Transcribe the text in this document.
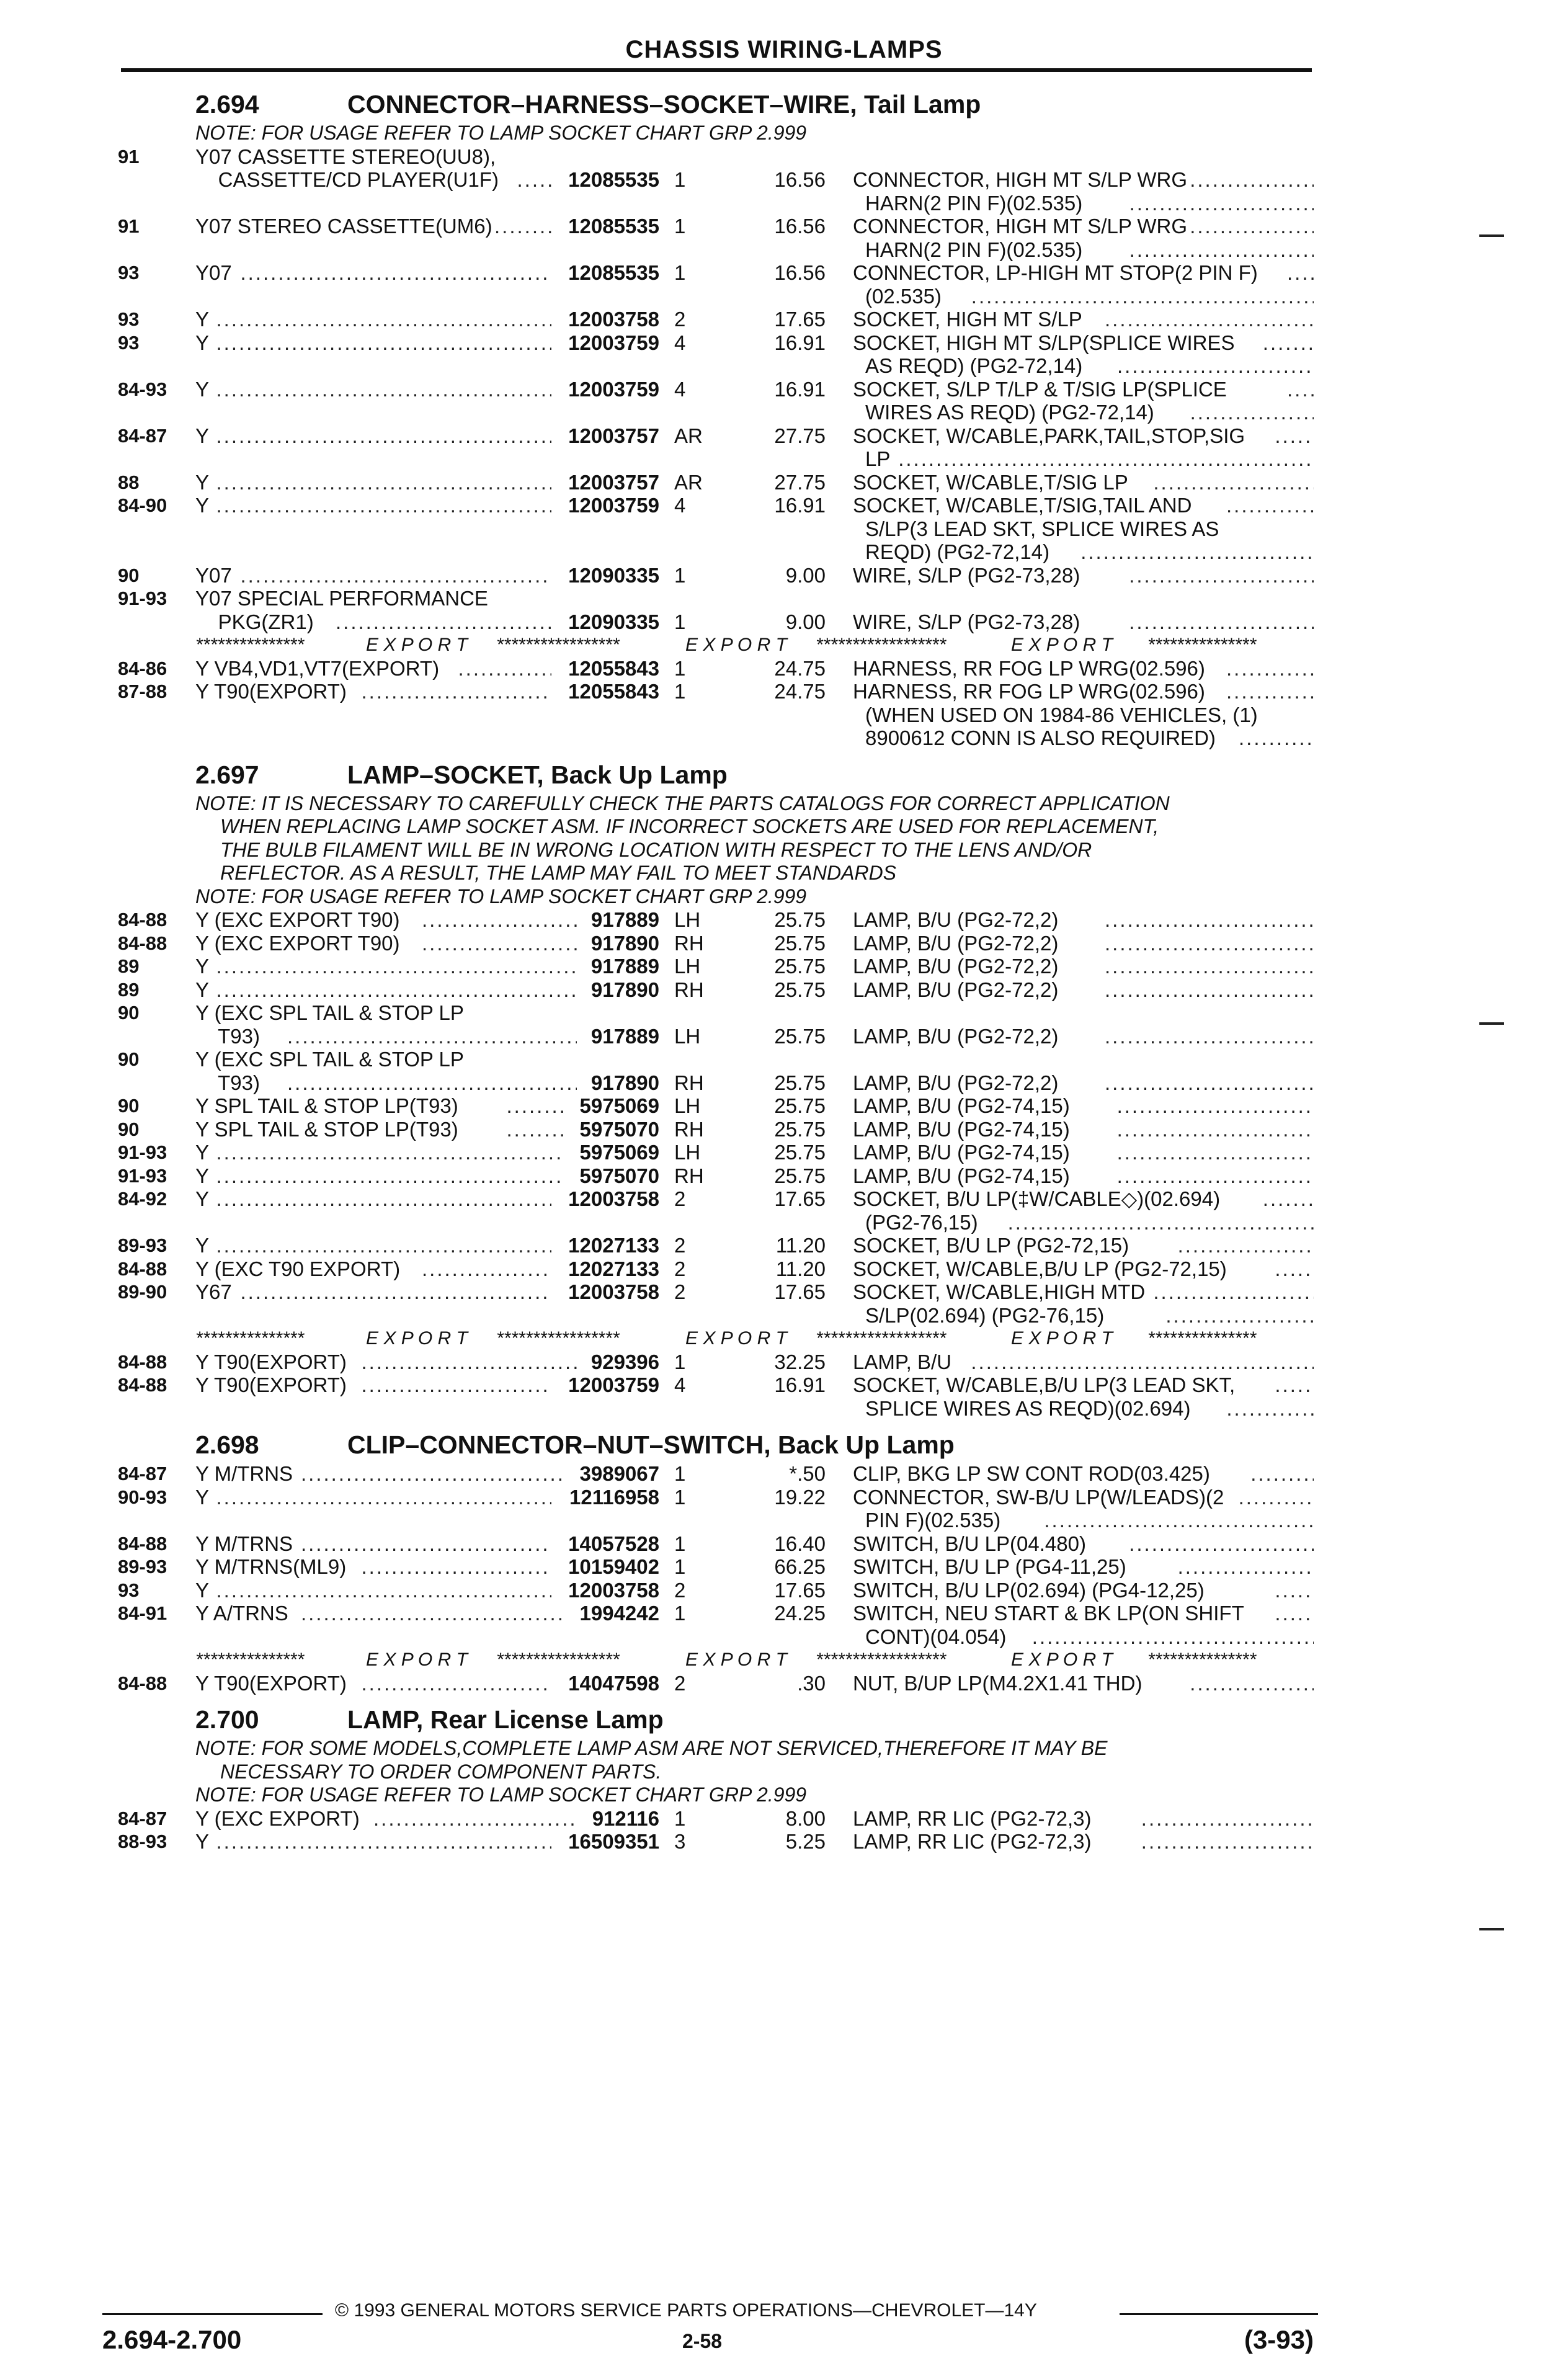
CHASSIS WIRING-LAMPS
2.694	CONNECTOR–HARNESS–SOCKET–WIRE, Tail Lamp
NOTE: FOR USAGE REFER TO LAMP SOCKET CHART GRP 2.999
91	Y07 CASSETTE STEREO(UU8),
CASSETTE/CD PLAYER(U1F) .....	12085535 1	16.56 CONNECTOR, HIGH MT S/LP WRG
.....
HARN(2 PIN F)(02.535)
.....
91	Y07 STEREO CASSETTE(UM6) .....	12085535 1	16.56 CONNECTOR, HIGH MT S/LP WRG
.....
HARN(2 PIN F)(02.535)
.....
93	Y07 .....	12085535 1	16.56 CONNECTOR, LP-HIGH MT STOP(2 PIN F)
.....
(02.535)
.....
93	Y .....	12003758 2	17.65 SOCKET, HIGH MT S/LP
.....
93	Y .....	12003759 4	16.91 SOCKET, HIGH MT S/LP(SPLICE WIRES
.....
AS REQD) (PG2-72,14)
.....
84-93 Y .....	12003759 4	16.91 SOCKET, S/LP T/LP & T/SIG LP(SPLICE
.....
WIRES AS REQD) (PG2-72,14)
.....
84-87 Y .....	12003757 AR	27.75 SOCKET, W/CABLE,PARK,TAIL,STOP,SIG
.....
LP
.....
88	Y .....	12003757 AR	27.75 SOCKET, W/CABLE,T/SIG LP
.....
84-90 Y .....	12003759 4	16.91 SOCKET, W/CABLE,T/SIG,TAIL AND
.....
S/LP(3 LEAD SKT, SPLICE WIRES AS
REQD) (PG2-72,14)
.....
90	Y07 .....	12090335 1	9.00 WIRE, S/LP (PG2-73,28)
.....
91-93 Y07 SPECIAL PERFORMANCE
PKG(ZR1) .....	12090335 1	9.00 WIRE, S/LP (PG2-73,28)
.....
***************	E X P O R T *****************	E X P O R T ******************	E X P O R T ***************
84-86 Y VB4,VD1,VT7(EXPORT) .....	12055843 1	24.75 HARNESS, RR FOG LP WRG(02.596)
.....
87-88 Y T90(EXPORT) .....	12055843 1	24.75 HARNESS, RR FOG LP WRG(02.596)
.....
(WHEN USED ON 1984-86 VEHICLES, (1)
8900612 CONN IS ALSO REQUIRED)
.....
2.697	LAMP–SOCKET, Back Up Lamp
NOTE: IT IS NECESSARY TO CAREFULLY CHECK THE PARTS CATALOGS FOR CORRECT APPLICATION
WHEN REPLACING LAMP SOCKET ASM. IF INCORRECT SOCKETS ARE USED FOR REPLACEMENT,
THE BULB FILAMENT WILL BE IN WRONG LOCATION WITH RESPECT TO THE LENS AND/OR
REFLECTOR. AS A RESULT, THE LAMP MAY FAIL TO MEET STANDARDS
NOTE: FOR USAGE REFER TO LAMP SOCKET CHART GRP 2.999
84-88 Y (EXC EXPORT T90) .....	917889 LH	25.75 LAMP, B/U (PG2-72,2)
.....
84-88 Y (EXC EXPORT T90) .....	917890 RH	25.75 LAMP, B/U (PG2-72,2)
.....
89	Y .....	917889 LH	25.75 LAMP, B/U (PG2-72,2)
.....
89	Y .....	917890 RH	25.75 LAMP, B/U (PG2-72,2)
.....
90	Y (EXC SPL TAIL & STOP LP
T93) .....	917889 LH	25.75 LAMP, B/U (PG2-72,2)
.....
90	Y (EXC SPL TAIL & STOP LP
T93) .....	917890 RH	25.75 LAMP, B/U (PG2-72,2)
.....
90	Y SPL TAIL & STOP LP(T93) .....	5975069 LH	25.75 LAMP, B/U (PG2-74,15)
.....
90	Y SPL TAIL & STOP LP(T93) .....	5975070 RH	25.75 LAMP, B/U (PG2-74,15)
.....
91-93 Y .....	5975069 LH	25.75 LAMP, B/U (PG2-74,15)
.....
91-93 Y .....	5975070 RH	25.75 LAMP, B/U (PG2-74,15)
.....
84-92 Y .....	12003758 2	17.65 SOCKET, B/U LP(‡W/CABLE◇)(02.694)
.....
(PG2-76,15)
.....
89-93 Y .....	12027133 2	11.20 SOCKET, B/U LP (PG2-72,15)
.....
84-88 Y (EXC T90 EXPORT) .....	12027133 2	11.20 SOCKET, W/CABLE,B/U LP (PG2-72,15)
.....
89-90 Y67 .....	12003758 2	17.65 SOCKET, W/CABLE,HIGH MTD
.....
S/LP(02.694) (PG2-76,15)
.....
***************	E X P O R T *****************	E X P O R T ******************	E X P O R T ***************
84-88 Y T90(EXPORT) .....	929396 1	32.25 LAMP, B/U
.....
84-88 Y T90(EXPORT) .....	12003759 4	16.91 SOCKET, W/CABLE,B/U LP(3 LEAD SKT,
.....
SPLICE WIRES AS REQD)(02.694)
.....
2.698	CLIP–CONNECTOR–NUT–SWITCH, Back Up Lamp
84-87 Y M/TRNS .....	3989067 1	*.50 CLIP, BKG LP SW CONT ROD(03.425)
.....
90-93 Y .....	12116958 1	19.22 CONNECTOR, SW-B/U LP(W/LEADS)(2
.....
PIN F)(02.535)
.....
84-88 Y M/TRNS .....	14057528 1	16.40 SWITCH, B/U LP(04.480)
.....
89-93 Y M/TRNS(ML9) .....	10159402 1	66.25 SWITCH, B/U LP (PG4-11,25)
.....
93	Y .....	12003758 2	17.65 SWITCH, B/U LP(02.694) (PG4-12,25)
.....
84-91 Y A/TRNS .....	1994242 1	24.25 SWITCH, NEU START & BK LP(ON SHIFT
.....
CONT)(04.054)
.....
***************	E X P O R T *****************	E X P O R T ******************	E X P O R T ***************
84-88 Y T90(EXPORT) .....	14047598 2	.30 NUT, B/UP LP(M4.2X1.41 THD)
.....
2.700	LAMP, Rear License Lamp
NOTE: FOR SOME MODELS,COMPLETE LAMP ASM ARE NOT SERVICED,THEREFORE IT MAY BE
NECESSARY TO ORDER COMPONENT PARTS.
NOTE: FOR USAGE REFER TO LAMP SOCKET CHART GRP 2.999
84-87 Y (EXC EXPORT) .....	912116 1	8.00 LAMP, RR LIC (PG2-72,3)
.....
88-93 Y .....	16509351 3	5.25 LAMP, RR LIC (PG2-72,3)
.....
© 1993 GENERAL MOTORS SERVICE PARTS OPERATIONS—CHEVROLET—14Y
2.694-2.700	2-58	(3-93)
